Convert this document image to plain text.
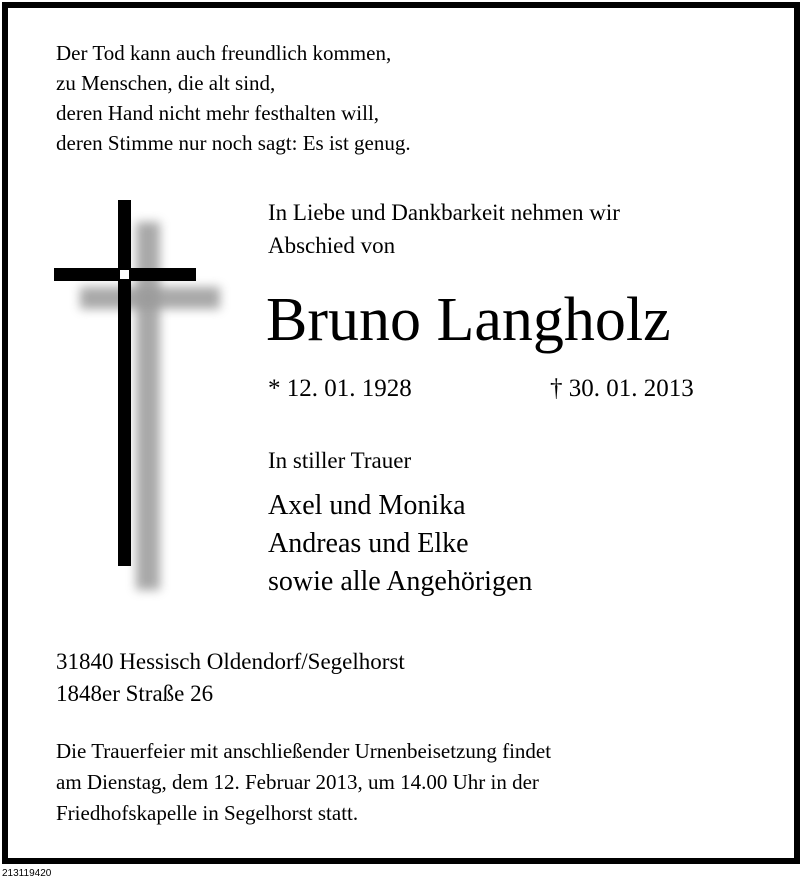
Der Tod kann auch freundlich kommen,
zu Menschen, die alt sind,
deren Hand nicht mehr festhalten will,
deren Stimme nur noch sagt: Es ist genug.
In Liebe und Dankbarkeit nehmen wir
Abschied von
Bruno Langholz
* 12. 01. 1928	† 30. 01. 2013
In stiller Trauer
Axel und Monika
Andreas und Elke
sowie alle Angehörigen
31840 Hessisch Oldendorf/Segelhorst
1848er Straße 26
Die Trauerfeier mit anschließender Urnenbeisetzung findet
am Dienstag, dem 12. Februar 2013, um 14.00 Uhr in der
Friedhofskapelle in Segelhorst statt.
213119420
